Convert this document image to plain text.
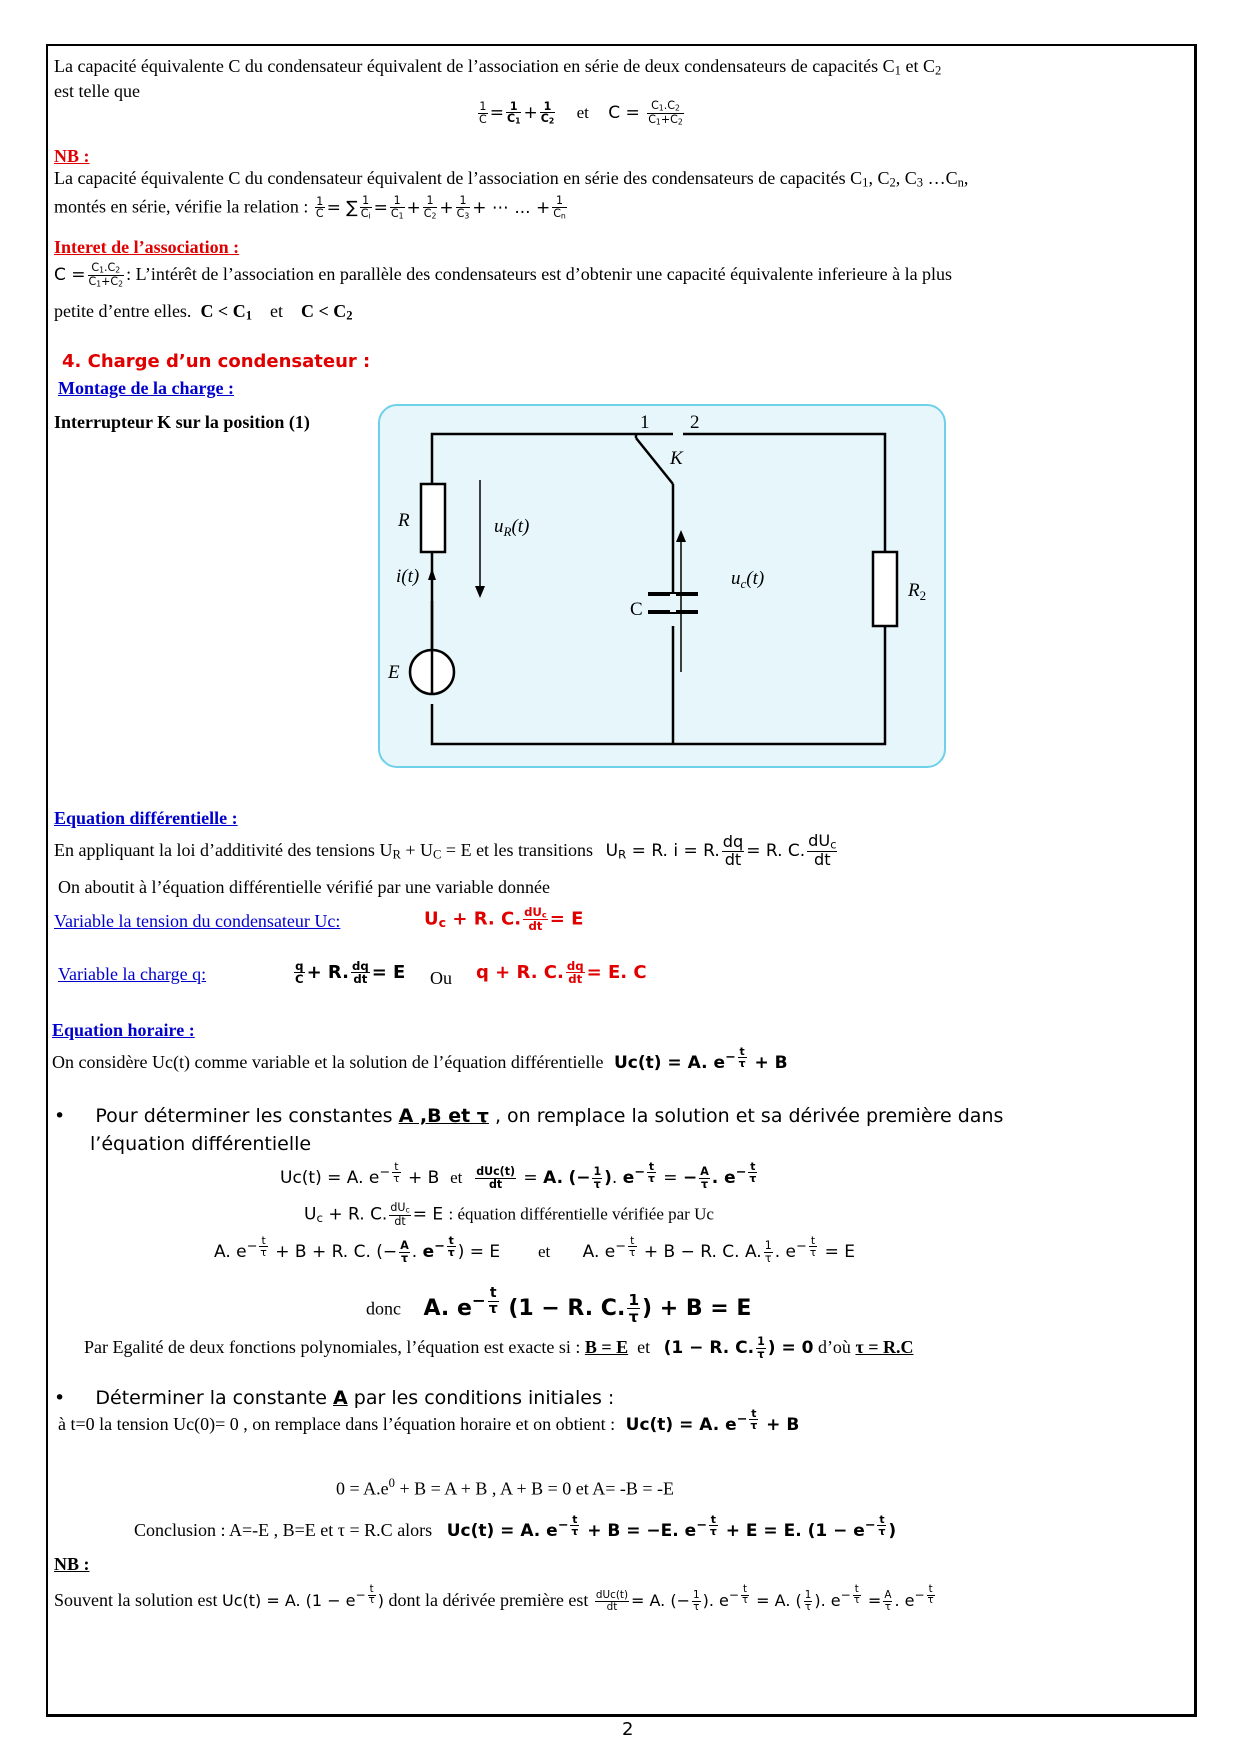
La capacité équivalente C du condensateur équivalent de l’association en série de deux condensateurs de capacités $C_1$ et $C_2$
est telle que
$\frac{1}{C} = \frac{1}{C1} + \frac{1}{C2}$ et $C = \frac{C1.C2}{C1+C2}$
NB :
La capacité équivalente C du condensateur équivalent de l’association en série des condensateurs de capacités $C_1$, $C_2$, $C_3$ $\dots C_n$,
montés en série, vérifie la relation : $\frac{1}{C}$ = ∑ $\frac{1}{Ci} = \frac{1}{C1} + \frac{1}{C2} + \frac{1}{C3}$ + ⋯ ... + $\frac{1}{Cn}$
Interet de l’association :
$C = \frac{C1.C2}{C1+C2}$ : L’intérêt de l’association en parallèle des condensateurs est d’obtenir une capacité équivalente inferieure à la plus
petite d’entre elles. $C < C_1$ et $C < C_2$
4. Charge d’un condensateur :
Montage de la charge :
Interrupteur K sur la position (1)	1 2
K
R	$u_R(t)$
i(t)
C
$u_c(t)$
E
$R_2$
Equation différentielle :
En appliquant la loi d’additivité des tensions $U_R + U_C = E$ et les transitions UR = R. i = R. $\frac{dq}{dt} = R$. C.
$dU_c$
dt
On aboutit à l’équation différentielle vérifié par une variable donnée
Variable la tension du condensateur Uc:	$U_c + R$. C. $dU_c$
dt = E
Variable la charge q:	$\frac{q}{C} + R$. $\frac{dq}{dt} = E$ Ou q + R. C. $\frac{dq}{dt} = E$. C
Equation horaire :
On considère Uc(t) comme variable et la solution de l’équation différentielle Uc(t) = A. $e^{- \frac{t}{\tau}} + B$
•     Pour déterminer les constantes A ,B et τ , on remplace la solution et sa dérivée première dans
l’équation différentielle
Uc(t) = A. $e^{- \frac{t}{\tau}} + B$  et dUc(t)
dt = A. (− $\frac{1}{\tau}$ ). $e^{- \frac{t}{\tau}}$ = − $\frac{A}{\tau}$ . $e^{- \frac{t}{\tau}}$
Uc + R. C. dUc
dt = E : équation différentielle vérifiée par Uc
A. $e^{- \frac{t}{\tau}} + B + R$. C. (− $\frac{A}{\tau}$ . $e^{- \frac{t}{\tau}}$ ) = E       et      A. $e^{- \frac{t}{\tau}} + B - R$. C. A. $\frac{1}{\tau}$ . $e^{- \frac{t}{\tau}} = E$
donc A. $e^{- \frac{t}{\tau}}$ (1 − R. C. $\frac{1}{\tau}$ ) + B = E
Par Egalité de deux fonctions polynomiales, l’équation est exacte si : B = E et (1 − R. C. $\frac{1}{\tau}$ ) = 0 d’où τ = R.C
•     Déterminer la constante A par les conditions initiales :
à t=0 la tension Uc(0)= 0 , on remplace dans l’équation horaire et on obtient : Uc(t) = A. $e^{- \frac{t}{\tau}} + B$
$0 = A.e^0 + B = A + B$ , A + B = 0 et A= -B = -E
Conclusion : A=-E , B=E et τ = R.C alors Uc(t) = A. $e^{- \frac{t}{\tau}} + B = -E$. $e^{- \frac{t}{\tau}} + E = E$. ($1 - e^{- \frac{t}{\tau}}$ )
NB :
Souvent la solution est Uc(t) = A. ($1 - e^{- \frac{t}{\tau}}$ ) dont la dérivée première est dUc(t)
dt = A. (− $\frac{1}{\tau}$ ). $e^{- \frac{t}{\tau}} = A$. ( $\frac{1}{\tau}$ ). $e^{- \frac{t}{\tau}} = \frac{A}{\tau}$ . $e^{- \frac{t}{\tau}}$
2
